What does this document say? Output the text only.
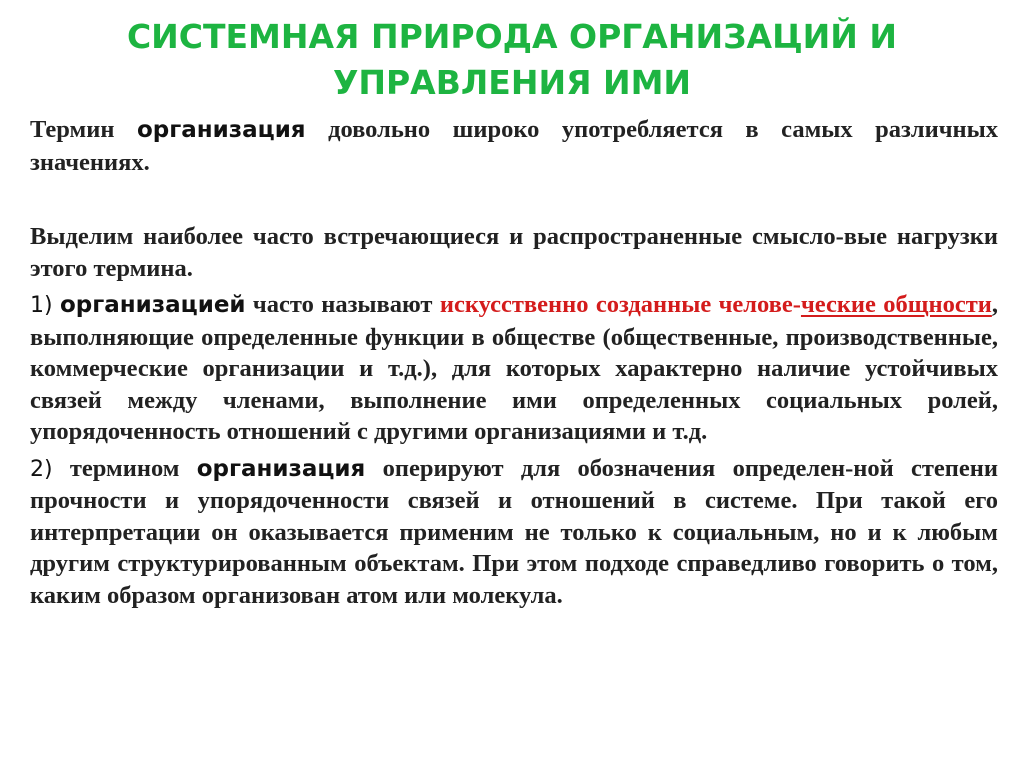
СИСТЕМНАЯ ПРИРОДА ОРГАНИЗАЦИЙ И
УПРАВЛЕНИЯ ИМИ

Термин организация довольно широко употребляется в самых различных значениях.

Выделим наиболее часто встречающиеся и распространенные смысло-вые нагрузки этого термина.

1) организацией часто называют искусственно созданные челове-ческие общности, выполняющие определенные функции в обществе (общественные, производственные, коммерческие организации и т.д.), для которых характерно наличие устойчивых связей между членами, выполнение ими определенных социальных ролей, упорядоченность отношений с другими организациями и т.д.

2) термином организация оперируют для обозначения определен-ной степени прочности и упорядоченности связей и отношений в системе. При такой его интерпретации он оказывается применим не только к социальным, но и к любым другим структурированным объектам. При этом подходе справедливо говорить о том, каким образом организован атом или молекула.
